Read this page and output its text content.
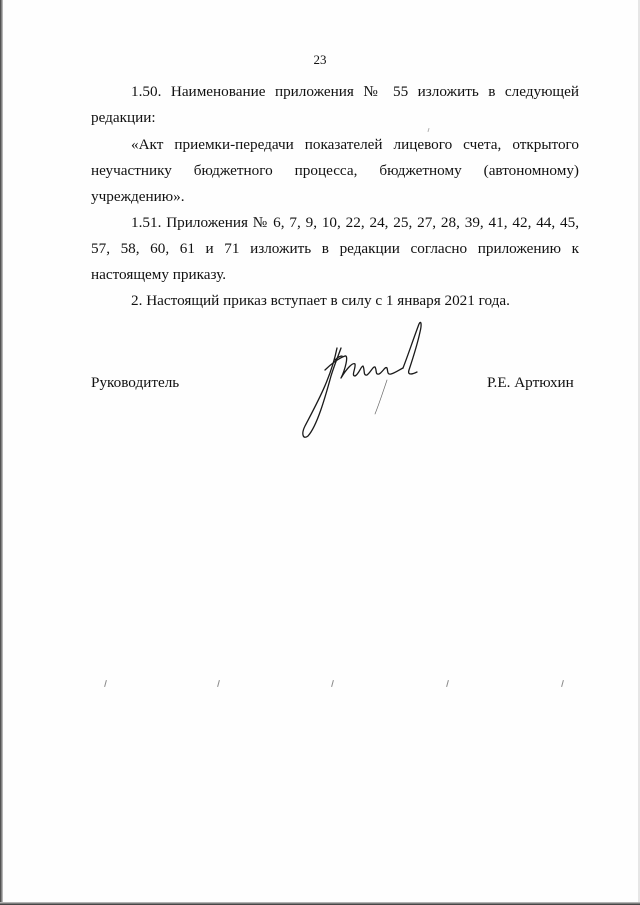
23
1.50. Наименование приложения № 55 изложить в следующей
редакции:
«Акт приемки-передачи показателей лицевого счета, открытого
неучастнику бюджетного процесса, бюджетному (автономному)
учреждению».
1.51. Приложения № 6, 7, 9, 10, 22, 24, 25, 27, 28, 39, 41, 42, 44, 45,
57, 58, 60, 61 и 71 изложить в редакции согласно приложению к
настоящему приказу.
2. Настоящий приказ вступает в силу с 1 января 2021 года.
Руководитель	Р.Е. Артюхин
